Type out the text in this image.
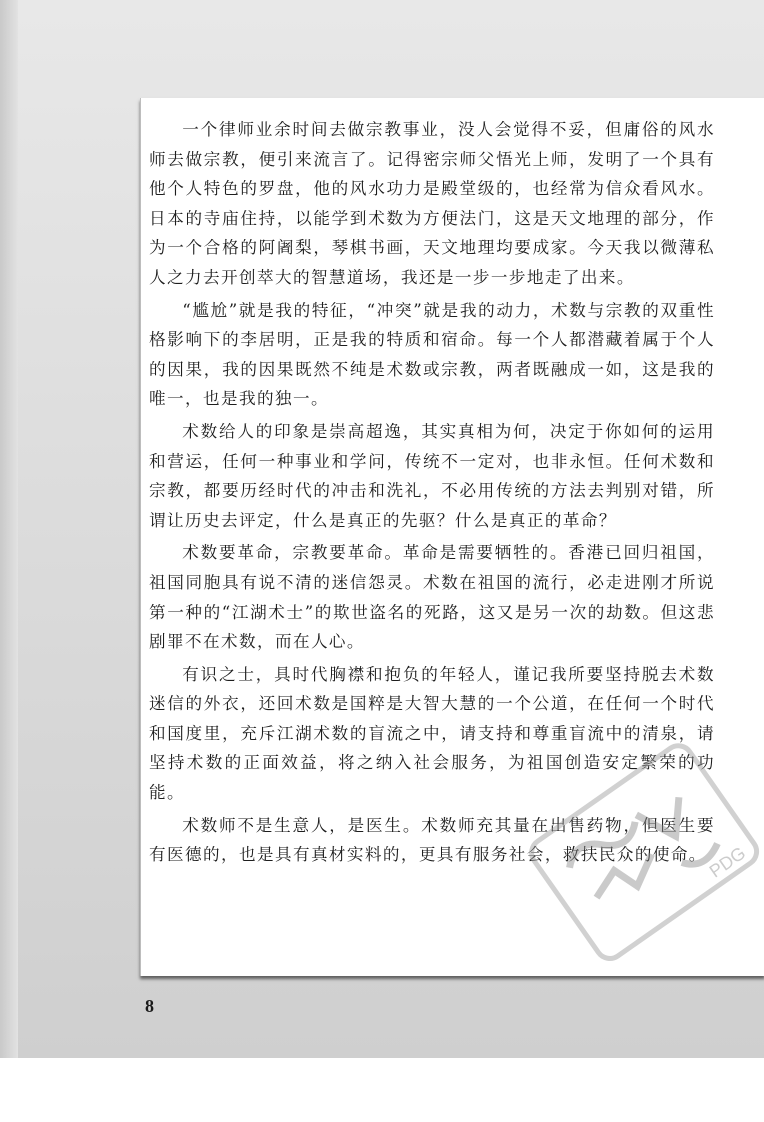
一个律师业余时间去做宗教事业，没人会觉得不妥，但庸俗的风水师去做宗教，便引来流言了。记得密宗师父悟光上师，发明了一个具有他个人特色的罗盘，他的风水功力是殿堂级的，也经常为信众看风水。日本的寺庙住持，以能学到术数为方便法门，这是天文地理的部分，作为一个合格的阿阇梨，琴棋书画，天文地理均要成家。今天我以微薄私人之力去开创萃大的智慧道场，我还是一步一步地走了出来。

“尴尬”就是我的特征，“冲突”就是我的动力，术数与宗教的双重性格影响下的李居明，正是我的特质和宿命。每一个人都潜藏着属于个人的因果，我的因果既然不纯是术数或宗教，两者既融成一如，这是我的唯一，也是我的独一。

术数给人的印象是崇高超逸，其实真相为何，决定于你如何的运用和营运，任何一种事业和学问，传统不一定对，也非永恒。任何术数和宗教，都要历经时代的冲击和洗礼，不必用传统的方法去判别对错，所谓让历史去评定，什么是真正的先驱？什么是真正的革命？

术数要革命，宗教要革命。革命是需要牺牲的。香港已回归祖国，祖国同胞具有说不清的迷信怨灵。术数在祖国的流行，必走进刚才所说第一种的“江湖术士”的欺世盗名的死路，这又是另一次的劫数。但这悲剧罪不在术数，而在人心。

有识之士，具时代胸襟和抱负的年轻人，谨记我所要坚持脱去术数迷信的外衣，还回术数是国粹是大智大慧的一个公道，在任何一个时代和国度里，充斥江湖术数的盲流之中，请支持和尊重盲流中的清泉，请坚持术数的正面效益，将之纳入社会服务，为祖国创造安定繁荣的功能。

术数师不是生意人，是医生。术数师充其量在出售药物，但医生要有医德的，也是具有真材实料的，更具有服务社会，救扶民众的使命。

PDG
8
